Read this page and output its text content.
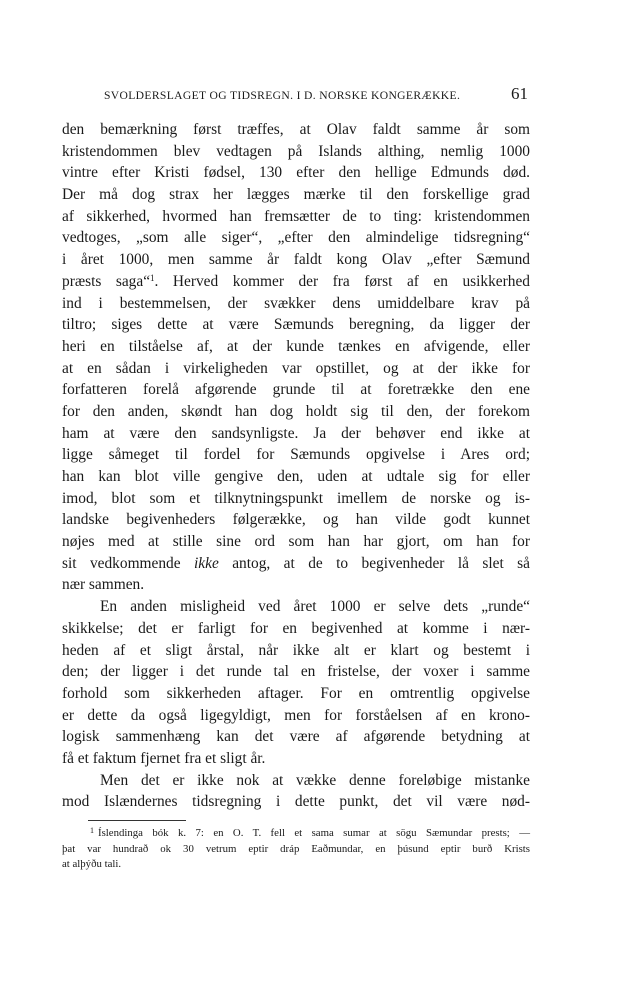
SVOLDERSLAGET OG TIDSREGN. I D. NORSKE KONGERÆKKE.	61
den bemærkning først træffes, at Olav faldt samme år som
kristendommen blev vedtagen på Islands althing, nemlig 1000
vintre efter Kristi fødsel, 130 efter den hellige Edmunds død.
Der må dog strax her lægges mærke til den forskellige grad
af sikkerhed, hvormed han fremsætter de to ting: kristendommen
vedtoges, „som alle siger“, „efter den almindelige tidsregning“
i året 1000, men samme år faldt kong Olav „efter Sæmund
præsts saga“$^1$. Herved kommer der fra først af en usikkerhed
ind i bestemmelsen, der svækker dens umiddelbare krav på
tiltro; siges dette at være Sæmunds beregning, da ligger der
heri en tilståelse af, at der kunde tænkes en afvigende, eller
at en sådan i virkeligheden var opstillet, og at der ikke for
forfatteren forelå afgørende grunde til at foretrække den ene
for den anden, skøndt han dog holdt sig til den, der forekom
ham at være den sandsynligste. Ja der behøver end ikke at
ligge såmeget til fordel for Sæmunds opgivelse i Ares ord;
han kan blot ville gengive den, uden at udtale sig for eller
imod, blot som et tilknytningspunkt imellem de norske og is-
landske begivenheders følgerække, og han vilde godt kunnet
nøjes med at stille sine ord som han har gjort, om han for
sit vedkommende ikke antog, at de to begivenheder lå slet så
nær sammen.
En anden misligheid ved året 1000 er selve dets „runde“
skikkelse; det er farligt for en begivenhed at komme i nær-
heden af et sligt årstal, når ikke alt er klart og bestemt i
den; der ligger i det runde tal en fristelse, der voxer i samme
forhold som sikkerheden aftager. For en omtrentlig opgivelse
er dette da også ligegyldigt, men for forståelsen af en krono-
logisk sammenhæng kan det være af afgørende betydning at
få et faktum fjernet fra et sligt år.
Men det er ikke nok at vække denne foreløbige mistanke
mod Islændernes tidsregning i dette punkt, det vil være nød-
$^1$ Íslendinga bók k. 7: en O. T. fell et sama sumar at sögu Sæmundar prests; —
þat var hundrað ok 30 vetrum eptir dráp Eaðmundar, en þúsund eptir burð Krists
at alþýðu tali.
